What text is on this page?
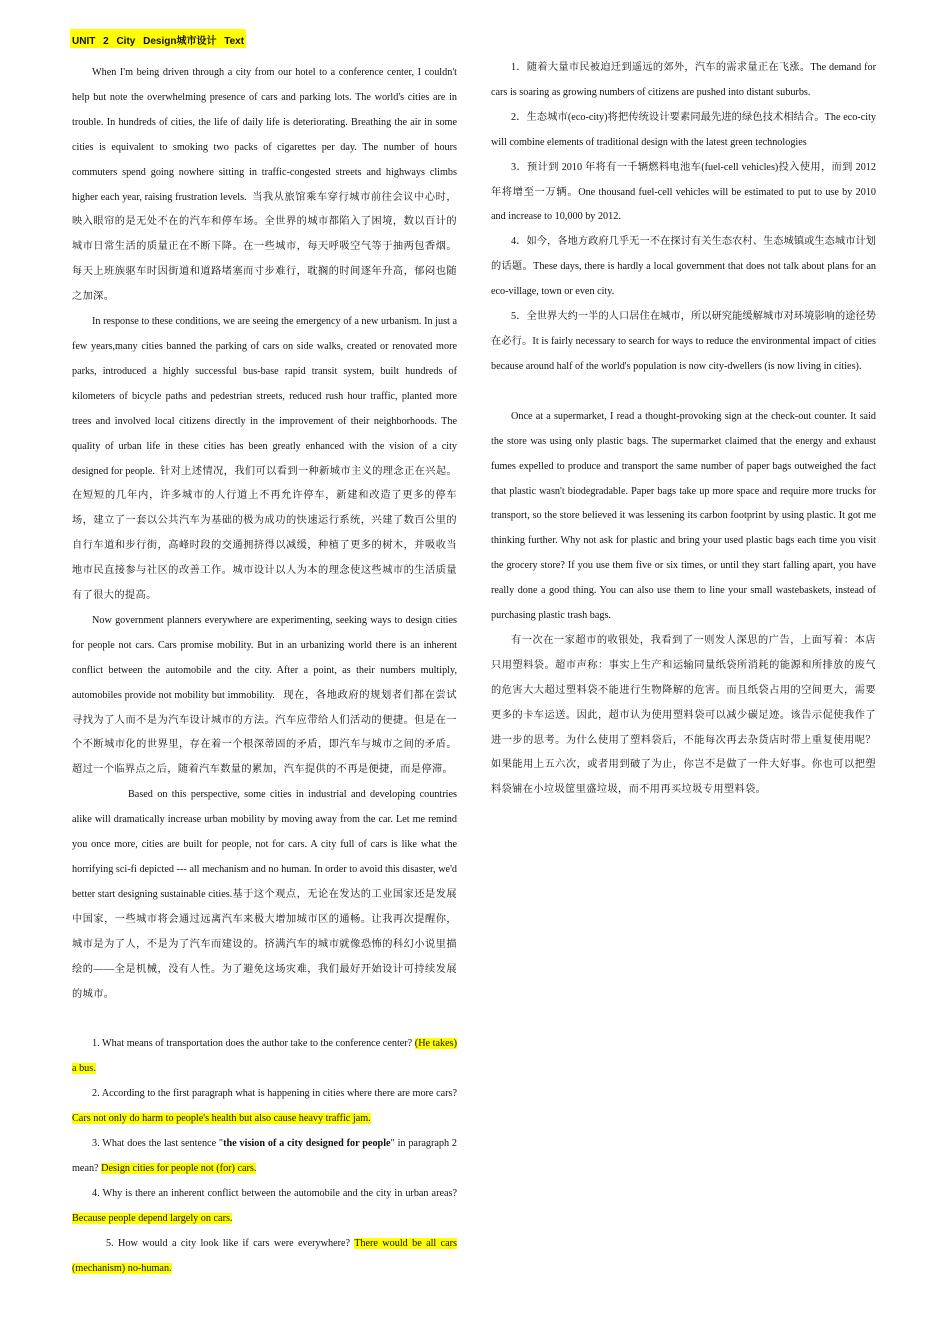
UNIT 2 City Design城市设计 Text

When I'm being driven through a city from our hotel to a conference center, I couldn't help but note the overwhelming presence of cars and parking lots. The world's cities are in trouble. In hundreds of cities, the life of daily life is deteriorating. Breathing the air in some cities is equivalent to smoking two packs of cigarettes per day. The number of hours commuters spend going nowhere sitting in traffic-congested streets and highways climbs higher each year, raising frustration levels. 当我从旅馆乘车穿行城市前往会议中心时，映入眼帘的是无处不在的汽车和停车场。全世界的城市都陷入了困境，数以百计的城市日常生活的质量正在不断下降。在一些城市，每天呼吸空气等于抽两包香烟。每天上班族驱车时因街道和道路堵塞而寸步难行，耽搁的时间逐年升高，郁闷也随之加深。

In response to these conditions, we are seeing the emergency of a new urbanism. In just a few years,many cities banned the parking of cars on side walks, created or renovated more parks, introduced a highly successful bus-base rapid transit system, built hundreds of kilometers of bicycle paths and pedestrian streets, reduced rush hour traffic, planted more trees and involved local citizens directly in the improvement of their neighborhoods. The quality of urban life in these cities has been greatly enhanced with the vision of a city designed for people. 针对上述情况，我们可以看到一种新城市主义的理念正在兴起。在短短的几年内，许多城市的人行道上不再允许停车，新建和改造了更多的停车场，建立了一套以公共汽车为基础的极为成功的快速运行系统，兴建了数百公里的自行车道和步行街，高峰时段的交通拥挤得以减缓，种植了更多的树木，并吸收当地市民直接参与社区的改善工作。城市设计以人为本的理念使这些城市的生活质量有了很大的提高。

Now government planners everywhere are experimenting, seeking ways to design cities for people not cars. Cars promise mobility. But in an urbanizing world there is an inherent conflict between the automobile and the city. After a point, as their numbers multiply, automobiles provide not mobility but immobility. 现在，各地政府的规划者们都在尝试寻找为了人而不是为汽车设计城市的方法。汽车应带给人们活动的便捷。但是在一个不断城市化的世界里，存在着一个根深蒂固的矛盾，即汽车与城市之间的矛盾。超过一个临界点之后，随着汽车数量的累加，汽车提供的不再是便捷，而是停滞。

Based on this perspective, some cities in industrial and developing countries alike will dramatically increase urban mobility by moving away from the car. Let me remind you once more, cities are built for people, not for cars. A city full of cars is like what the horrifying sci-fi depicted --- all mechanism and no human. In order to avoid this disaster, we'd better start designing sustainable cities.基于这个观点，无论在发达的工业国家还是发展中国家，一些城市将会通过远离汽车来极大增加城市区的通畅。让我再次提醒你，城市是为了人，不是为了汽车而建设的。挤满汽车的城市就像恐怖的科幻小说里描绘的——全是机械，没有人性。为了避免这场灾难，我们最好开始设计可持续发展的城市。

1. What means of transportation does the author take to the conference center? (He takes) a bus.

2. According to the first paragraph what is happening in cities where there are more cars? Cars not only do harm to people's health but also cause heavy traffic jam.

3. What does the last sentence "the vision of a city designed for people" in paragraph 2 mean? Design cities for people not (for) cars.

4. Why is there an inherent conflict between the automobile and the city in urban areas? Because people depend largely on cars.

5. How would a city look like if cars were everywhere? There would be all cars (mechanism) no-human.

1．随着大量市民被迫迁到遥远的郊外，汽车的需求量正在飞涨。The demand for cars is soaring as growing numbers of citizens are pushed into distant suburbs.

2．生态城市(eco-city)将把传统设计要素同最先进的绿色技术相结合。The eco-city will combine elements of traditional design with the latest green technologies

3．预计到 2010 年将有一千辆燃料电池车(fuel-cell vehicles)投入使用，而到 2012 年将增至一万辆。One thousand fuel-cell vehicles will be estimated to put to use by 2010 and increase to 10,000 by 2012.

4．如今，各地方政府几乎无一不在探讨有关生态农村、生态城镇或生态城市计划的话题。These days, there is hardly a local government that does not talk about plans for an eco-village, town or even city.

5．全世界大约一半的人口居住在城市，所以研究能缓解城市对环境影响的途径势在必行。It is fairly necessary to search for ways to reduce the environmental impact of cities because around half of the world's population is now city-dwellers (is now living in cities).

Once at a supermarket, I read a thought-provoking sign at the check-out counter. It said the store was using only plastic bags. The supermarket claimed that the energy and exhaust fumes expelled to produce and transport the same number of paper bags outweighed the fact that plastic wasn't biodegradable. Paper bags take up more space and require more trucks for transport, so the store believed it was lessening its carbon footprint by using plastic. It got me thinking further. Why not ask for plastic and bring your used plastic bags each time you visit the grocery store? If you use them five or six times, or until they start falling apart, you have really done a good thing. You can also use them to line your small wastebaskets, instead of purchasing plastic trash bags.

有一次在一家超市的收银处，我看到了一则发人深思的广告，上面写着：本店只用塑料袋。超市声称：事实上生产和运输同量纸袋所消耗的能源和所排放的废气的危害大大超过塑料袋不能进行生物降解的危害。而且纸袋占用的空间更大，需要更多的卡车运送。因此，超市认为使用塑料袋可以减少碳足迹。该告示促使我作了进一步的思考。为什么使用了塑料袋后，不能每次再去杂货店时带上重复使用呢？如果能用上五六次，或者用到破了为止，你岂不是做了一件大好事。你也可以把塑料袋铺在小垃圾筐里盛垃圾，而不用再买垃圾专用塑料袋。
